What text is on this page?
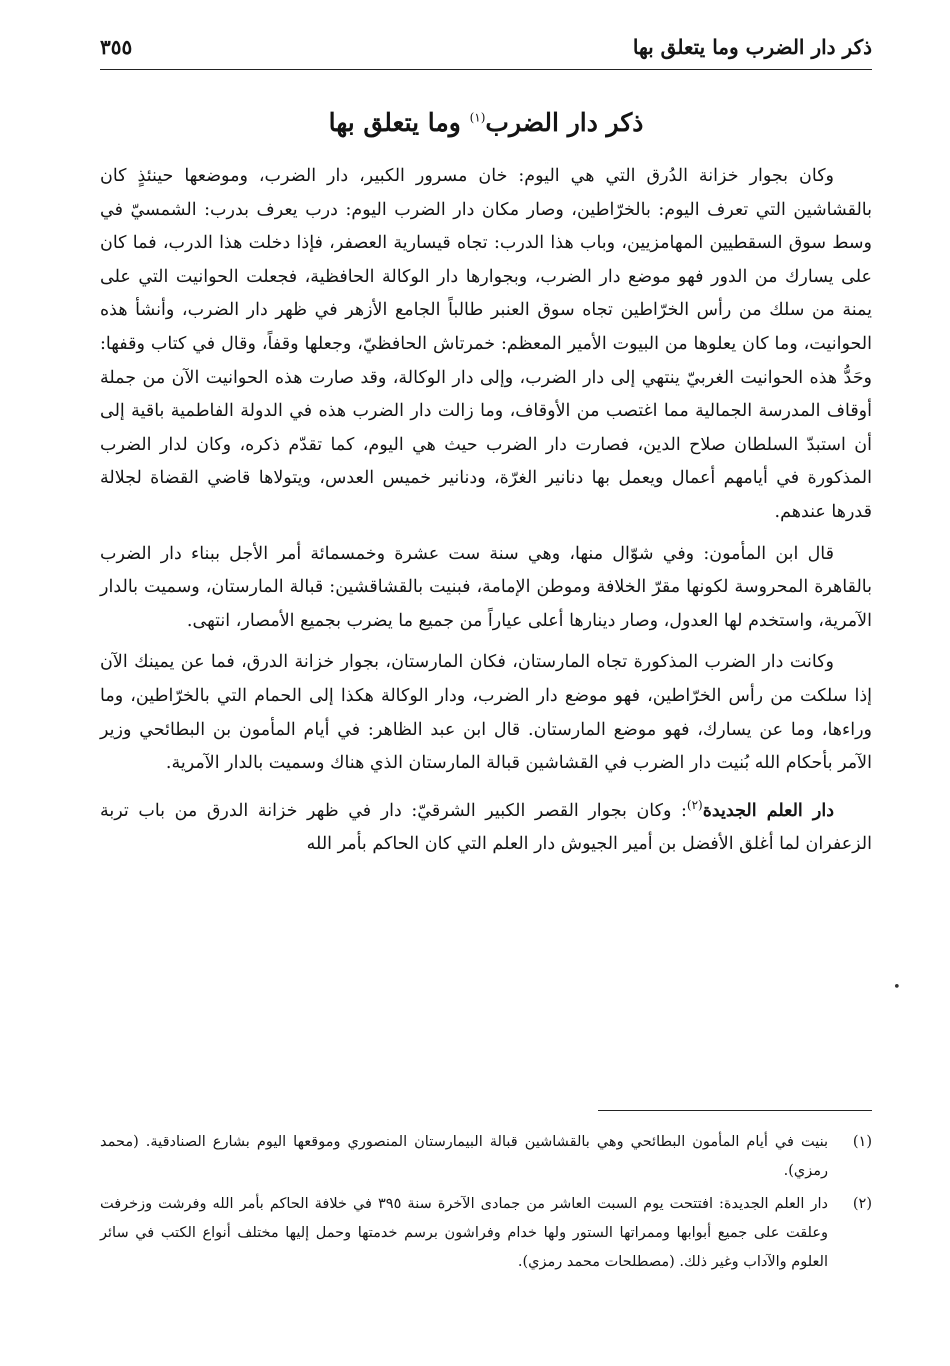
ذكر دار الضرب وما يتعلق بها
٣٥٥
ذكر دار الضرب$^{(١)}$ وما يتعلق بها

وكان بجوار خزانة الدُرق التي هي اليوم: خان مسرور الكبير، دار الضرب، وموضعها حينئذٍ كان بالقشاشين التي تعرف اليوم: بالخرّاطين، وصار مكان دار الضرب اليوم: درب يعرف بدرب: الشمسيّ في وسط سوق السقطيين المهامزيين، وباب هذا الدرب: تجاه قيسارية العصفر، فإذا دخلت هذا الدرب، فما كان على يسارك من الدور فهو موضع دار الضرب، وبجوارها دار الوكالة الحافظية، فجعلت الحوانيت التي على يمنة من سلك من رأس الخرّاطين تجاه سوق العنبر طالباً الجامع الأزهر في ظهر دار الضرب، وأنشأ هذه الحوانيت، وما كان يعلوها من البيوت الأمير المعظم: خمرتاش الحافظيّ، وجعلها وقفاً، وقال في كتاب وقفها: وحَدُّ هذه الحوانيت الغربيّ ينتهي إلى دار الضرب، وإلى دار الوكالة، وقد صارت هذه الحوانيت الآن من جملة أوقاف المدرسة الجمالية مما اغتصب من الأوقاف، وما زالت دار الضرب هذه في الدولة الفاطمية باقية إلى أن استبدّ السلطان صلاح الدين، فصارت دار الضرب حيث هي اليوم، كما تقدّم ذكره، وكان لدار الضرب المذكورة في أيامهم أعمال ويعمل بها دنانير الغرّة، ودنانير خميس العدس، ويتولاها قاضي القضاة لجلالة قدرها عندهم.

قال ابن المأمون: وفي شوّال منها، وهي سنة ست عشرة وخمسمائة أمر الأجل ببناء دار الضرب بالقاهرة المحروسة لكونها مقرّ الخلافة وموطن الإمامة، فبنيت بالقشاقشين: قبالة المارستان، وسميت بالدار الآمرية، واستخدم لها العدول، وصار دينارها أعلى عياراً من جميع ما يضرب بجميع الأمصار، انتهى.

وكانت دار الضرب المذكورة تجاه المارستان، فكان المارستان، بجوار خزانة الدرق، فما عن يمينك الآن إذا سلكت من رأس الخرّاطين، فهو موضع دار الضرب، ودار الوكالة هكذا إلى الحمام التي بالخرّاطين، وما وراءها، وما عن يسارك، فهو موضع المارستان. قال ابن عبد الظاهر: في أيام المأمون بن البطائحي وزير الآمر بأحكام الله بُنيت دار الضرب في القشاشين قبالة المارستان الذي هناك وسميت بالدار الآمرية.

دار العلم الجديدة$^{(٢)}$: وكان بجوار القصر الكبير الشرقيّ: دار في ظهر خزانة الدرق من باب تربة الزعفران لما أغلق الأفضل بن أمير الجيوش دار العلم التي كان الحاكم بأمر الله

•
(١)
بنيت في أيام المأمون البطائحي وهي بالقشاشين قبالة البيمارستان المنصوري وموقعها اليوم بشارع الصنادقية. (محمد رمزي).
(٢)
دار العلم الجديدة: افتتحت يوم السبت العاشر من جمادى الآخرة سنة ٣٩٥ في خلافة الحاكم بأمر الله وفرشت وزخرفت وعلقت على جميع أبوابها وممراتها الستور ولها خدام وفراشون برسم خدمتها وحمل إليها مختلف أنواع الكتب في سائر العلوم والآداب وغير ذلك. (مصطلحات محمد رمزي).
